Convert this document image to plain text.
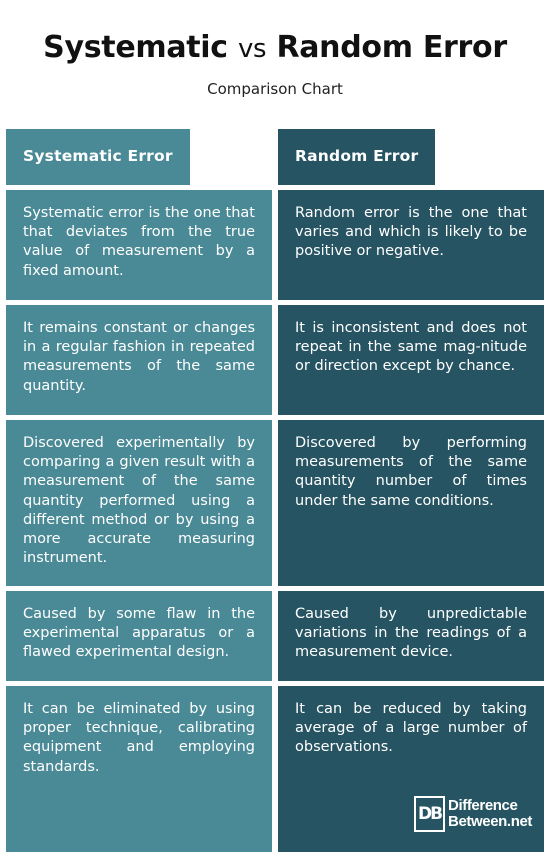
Systematic vs Random Error
Comparison Chart
Systematic Error
Systematic error is the one that that deviates from the true value of measurement by a fixed amount.
It remains constant or changes in a regular fashion in repeated measurements of the same quantity.
Discovered experimentally by comparing a given result with a measurement of the same quantity performed using a different method or by using a more accurate measuring instrument.
Caused by some flaw in the experimental apparatus or a flawed experimental design.
It can be eliminated by using proper technique, calibrating equipment and employing standards.
Random Error
Random error is the one that varies and which is likely to be positive or negative.
It is inconsistent and does not repeat in the same mag-nitude or direction except by chance.
Discovered by performing measurements of the same quantity number of times under the same conditions.
Caused by unpredictable variations in the readings of a measurement device.
It can be reduced by taking average of a large number of observations.
DB Difference
Between.net
